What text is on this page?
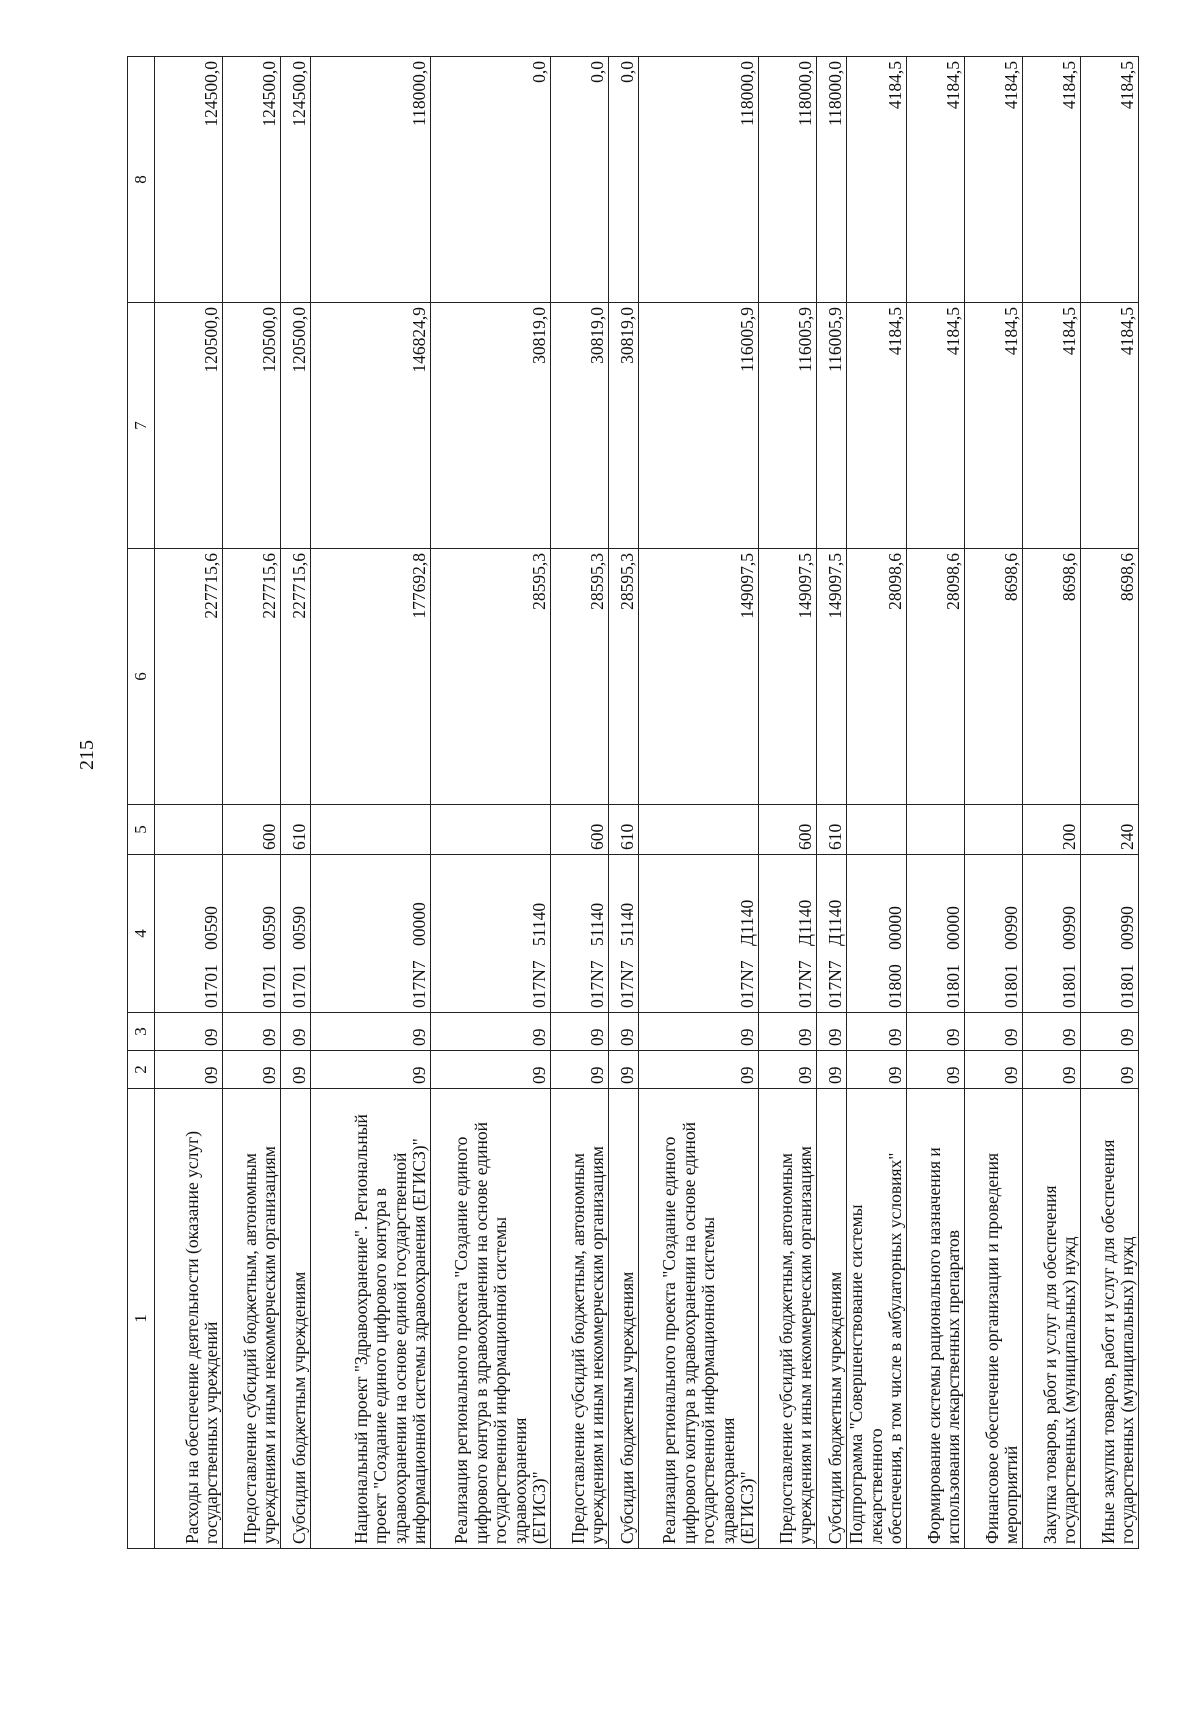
215
1	2	3	4	5	6	7	8

Расходы на обеспечение деятельности (оказание услуг) государственных учреждений	09	09	01701 00590		227715,6	120500,0	124500,0

Предоставление субсидий бюджетным, автономным учреждениям и иным некоммерческим организациям	09	09	01701 00590	600	227715,6	120500,0	124500,0

Субсидии бюджетным учреждениям	09	09	01701 00590	610	227715,6	120500,0	124500,0

Национальный проект "Здравоохранение". Региональный проект "Создание единого цифрового контура в здравоохранении на основе единой государственной информационной системы здравоохранения (ЕГИСЗ)"	09	09	017N7 00000		177692,8	146824,9	118000,0

Реализация регионального проекта "Создание единого цифрового контура в здравоохранении на основе единой государственной информационной системы здравоохранения (ЕГИСЗ)"	09	09	017N7 51140		28595,3	30819,0	0,0

Предоставление субсидий бюджетным, автономным учреждениям и иным некоммерческим организациям	09	09	017N7 51140	600	28595,3	30819,0	0,0

Субсидии бюджетным учреждениям	09	09	017N7 51140	610	28595,3	30819,0	0,0

Реализация регионального проекта "Создание единого цифрового контура в здравоохранении на основе единой государственной информационной системы здравоохранения (ЕГИСЗ)"	09	09	017N7 Д1140		149097,5	116005,9	118000,0

Предоставление субсидий бюджетным, автономным учреждениям и иным некоммерческим организациям	09	09	017N7 Д1140	600	149097,5	116005,9	118000,0

Субсидии бюджетным учреждениям	09	09	017N7 Д1140	610	149097,5	116005,9	118000,0

Подпрограмма "Совершенствование системы лекарственного обеспечения, в том числе в амбулаторных условиях"	09	09	01800 00000		28098,6	4184,5	4184,5

Формирование системы рационального назначения и использования лекарственных препаратов	09	09	01801 00000		28098,6	4184,5	4184,5

Финансовое обеспечение организации и проведения мероприятий	09	09	01801 00990		8698,6	4184,5	4184,5

Закупка товаров, работ и услуг для обеспечения государственных (муниципальных) нужд	09	09	01801 00990	200	8698,6	4184,5	4184,5

Иные закупки товаров, работ и услуг для обеспечения государственных (муниципальных) нужд	09	09	01801 00990	240	8698,6	4184,5	4184,5
